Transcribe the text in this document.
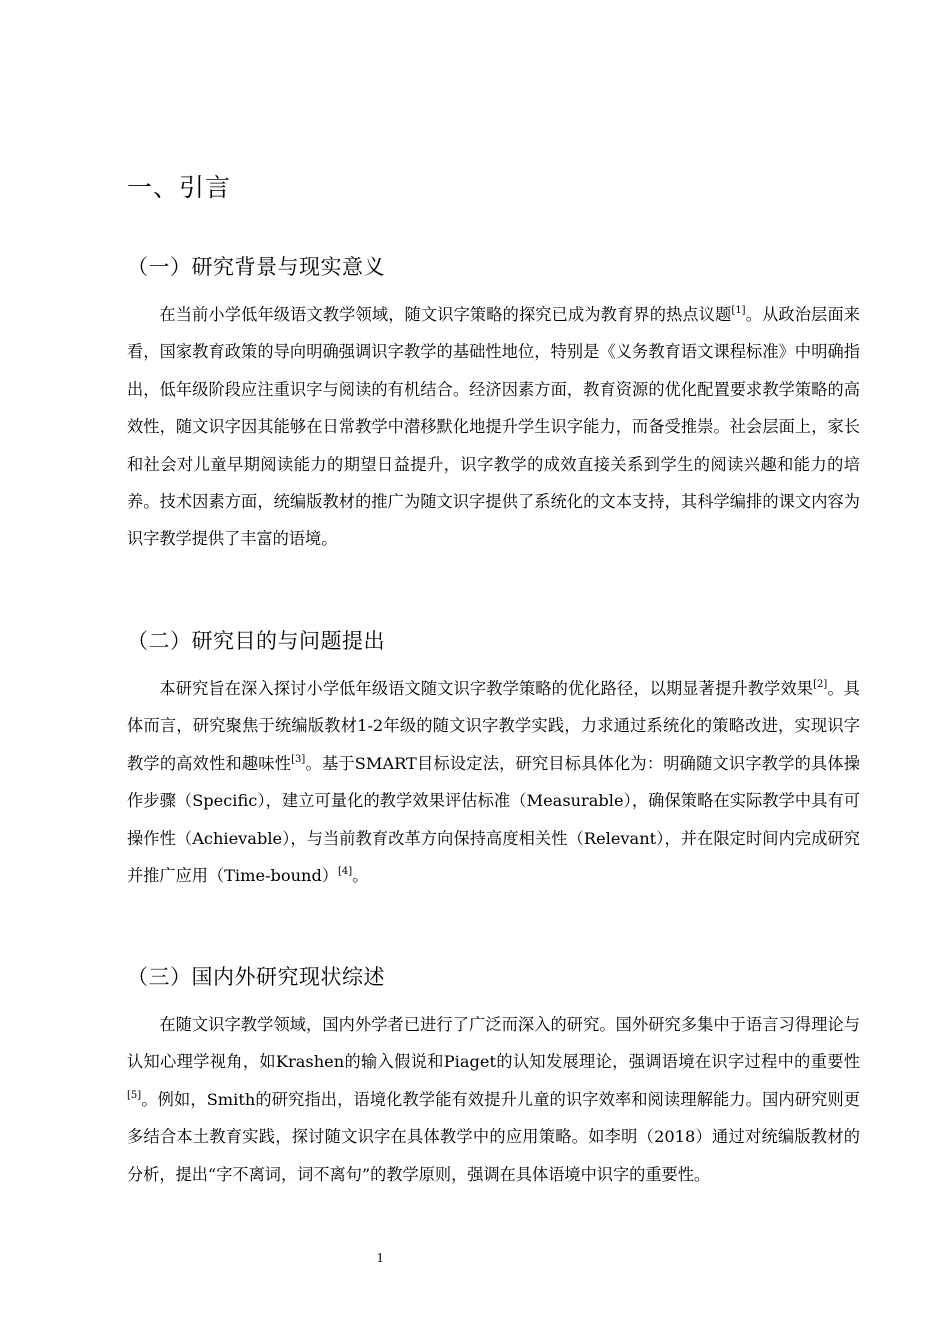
一、引言
（一）研究背景与现实意义
在当前小学低年级语文教学领域，随文识字策略的探究已成为教育界的热点议题[1]。从政治层面来看，国家教育政策的导向明确强调识字教学的基础性地位，特别是《义务教育语文课程标准》中明确指出，低年级阶段应注重识字与阅读的有机结合。经济因素方面，教育资源的优化配置要求教学策略的高效性，随文识字因其能够在日常教学中潜移默化地提升学生识字能力，而备受推崇。社会层面上，家长和社会对儿童早期阅读能力的期望日益提升，识字教学的成效直接关系到学生的阅读兴趣和能力的培养。技术因素方面，统编版教材的推广为随文识字提供了系统化的文本支持，其科学编排的课文内容为识字教学提供了丰富的语境。
（二）研究目的与问题提出
本研究旨在深入探讨小学低年级语文随文识字教学策略的优化路径，以期显著提升教学效果[2]。具体而言，研究聚焦于统编版教材1-2年级的随文识字教学实践，力求通过系统化的策略改进，实现识字教学的高效性和趣味性[3]。基于SMART目标设定法，研究目标具体化为：明确随文识字教学的具体操作步骤（Specific），建立可量化的教学效果评估标准（Measurable），确保策略在实际教学中具有可操作性（Achievable），与当前教育改革方向保持高度相关性（Relevant），并在限定时间内完成研究并推广应用（Time-bound）[4]。
（三）国内外研究现状综述
在随文识字教学领域，国内外学者已进行了广泛而深入的研究。国外研究多集中于语言习得理论与认知心理学视角，如Krashen的输入假说和Piaget的认知发展理论，强调语境在识字过程中的重要性[5]。例如，Smith的研究指出，语境化教学能有效提升儿童的识字效率和阅读理解能力。国内研究则更多结合本土教育实践，探讨随文识字在具体教学中的应用策略。如李明（2018）通过对统编版教材的分析，提出“字不离词，词不离句”的教学原则，强调在具体语境中识字的重要性。
1
